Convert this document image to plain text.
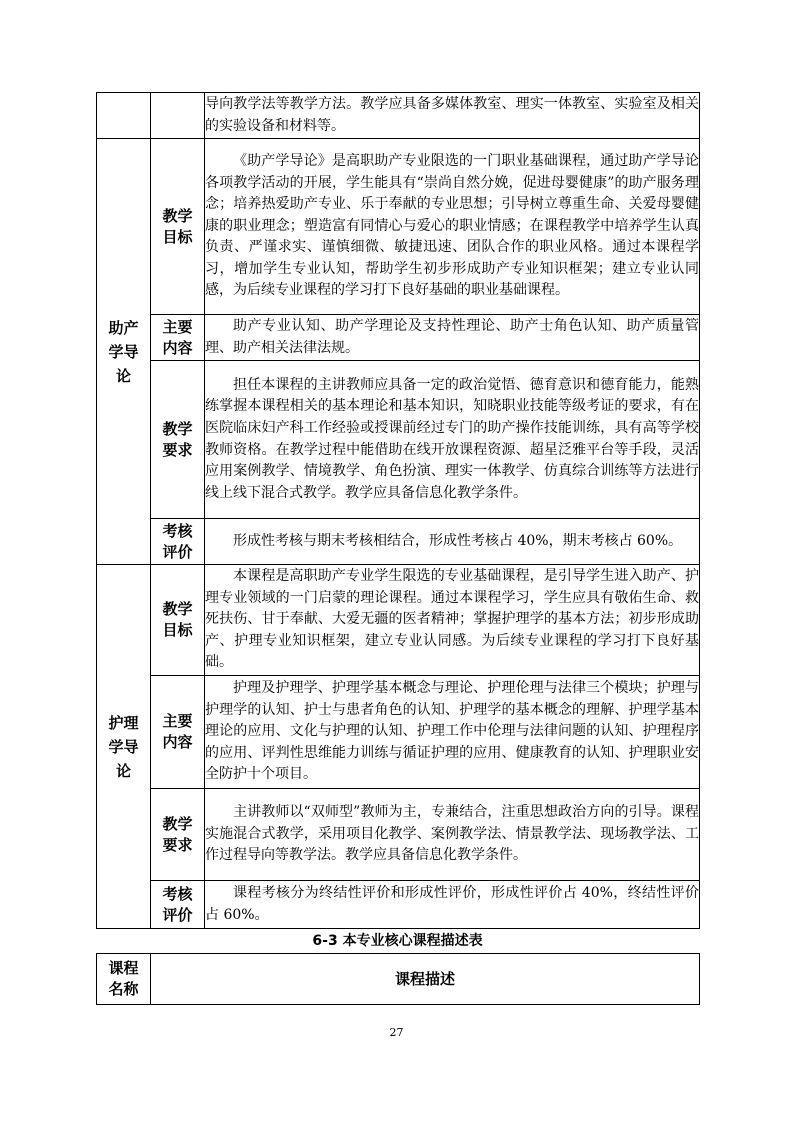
		导向教学法等教学方法。教学应具备多媒体教室、理实一体教室、实验室及相关的实验设备和材料等。

助产学导论	教学目标	《助产学导论》是高职助产专业限选的一门职业基础课程，通过助产学导论各项教学活动的开展，学生能具有“崇尚自然分娩，促进母婴健康”的助产服务理念；培养热爱助产专业、乐于奉献的专业思想；引导树立尊重生命、关爱母婴健康的职业理念；塑造富有同情心与爱心的职业情感；在课程教学中培养学生认真负责、严谨求实、谨慎细微、敏捷迅速、团队合作的职业风格。通过本课程学习，增加学生专业认知，帮助学生初步形成助产专业知识框架；建立专业认同感，为后续专业课程的学习打下良好基础的职业基础课程。

	主要内容	助产专业认知、助产学理论及支持性理论、助产士角色认知、助产质量管理、助产相关法律法规。

	教学要求	担任本课程的主讲教师应具备一定的政治觉悟、德育意识和德育能力，能熟练掌握本课程相关的基本理论和基本知识，知晓职业技能等级考证的要求，有在医院临床妇产科工作经验或授课前经过专门的助产操作技能训练，具有高等学校教师资格。在教学过程中能借助在线开放课程资源、超星泛雅平台等手段，灵活应用案例教学、情境教学、角色扮演、理实一体教学、仿真综合训练等方法进行线上线下混合式教学。教学应具备信息化教学条件。

	考核评价	形成性考核与期末考核相结合，形成性考核占 40%，期末考核占 60%。

护理学导论	教学目标	本课程是高职助产专业学生限选的专业基础课程，是引导学生进入助产、护理专业领域的一门启蒙的理论课程。通过本课程学习，学生应具有敬佑生命、救死扶伤、甘于奉献、大爱无疆的医者精神；掌握护理学的基本方法；初步形成助产、护理专业知识框架，建立专业认同感。为后续专业课程的学习打下良好基础。

	主要内容	护理及护理学、护理学基本概念与理论、护理伦理与法律三个模块；护理与护理学的认知、护士与患者角色的认知、护理学的基本概念的理解、护理学基本理论的应用、文化与护理的认知、护理工作中伦理与法律问题的认知、护理程序的应用、评判性思维能力训练与循证护理的应用、健康教育的认知、护理职业安全防护十个项目。

	教学要求	主讲教师以“双师型”教师为主，专兼结合，注重思想政治方向的引导。课程实施混合式教学，采用项目化教学、案例教学法、情景教学法、现场教学法、工作过程导向等教学法。教学应具备信息化教学条件。

	考核评价	课程考核分为终结性评价和形成性评价，形成性评价占 40%，终结性评价占 60%。

6-3 本专业核心课程描述表
课程名称	课程描述
27
